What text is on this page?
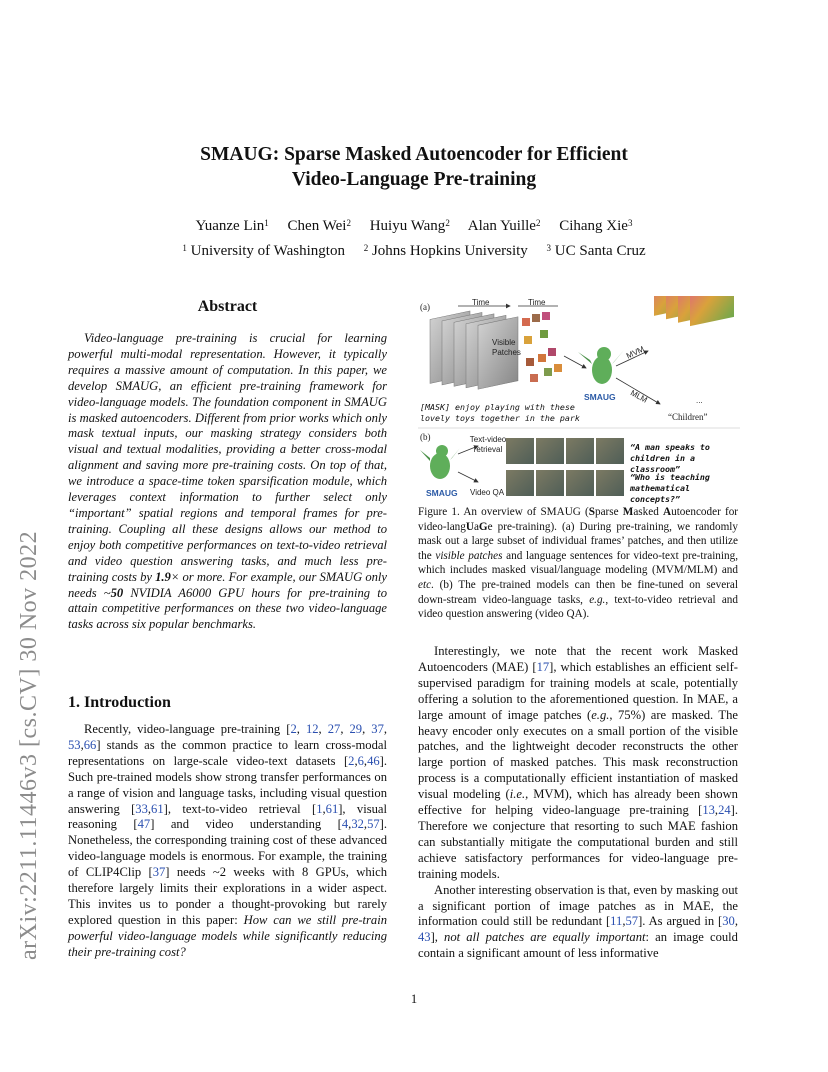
arXiv:2211.11446v3 [cs.CV] 30 Nov 2022
SMAUG: Sparse Masked Autoencoder for Efficient
Video-Language Pre-training
Yuanze Lin$^1$ Chen Wei$^2$ Huiyu Wang$^2$ Alan Yuille$^2$ Cihang Xie$^3$
$^1$ University of Washington $^2$ Johns Hopkins University $^3$ UC Santa Cruz
Abstract
Video-language pre-training is crucial for learning powerful multi-modal representation. However, it typically requires a massive amount of computation. In this paper, we develop SMAUG, an efficient pre-training framework for video-language models. The foundation component in SMAUG is masked autoencoders. Different from prior works which only mask textual inputs, our masking strategy considers both visual and textual modalities, providing a better cross-modal alignment and saving more pre-training costs. On top of that, we introduce a space-time token sparsification module, which leverages context information to further select only “important” spatial regions and temporal frames for pre-training. Coupling all these designs allows our method to enjoy both competitive performances on text-to-video retrieval and video question answering tasks, and much less pre-training costs by 1.9× or more. For example, our SMAUG only needs ~50 NVIDIA A6000 GPU hours for pre-training to attain competitive performances on these two video-language tasks across six popular benchmarks.
1. Introduction

Recently, video-language pre-training [2, 12, 27, 29, 37, 53,66] stands as the common practice to learn cross-modal representations on large-scale video-text datasets [2,6,46]. Such pre-trained models show strong transfer performances on a range of vision and language tasks, including visual question answering [33,61], text-to-video retrieval [1,61], visual reasoning [47] and video understanding [4,32,57]. Nonetheless, the corresponding training cost of these advanced video-language models is enormous. For example, the training of CLIP4Clip [37] needs ~2 weeks with 8 GPUs, which therefore largely limits their explorations in a wider aspect. This invites us to ponder a thought-provoking but rarely explored question in this paper: How can we still pre-train powerful video-language models while significantly reducing their pre-training cost?

(a)	Time	Time
Visible Patches
SMAUG
MVM
MLM	...
“Children”
[MASK] enjoy playing with these lovely toys together in the park
(b)	Text-video retrieval
Video QA
SMAUG
“A man speaks to children in a classroom”
“Who is teaching mathematical concepts?”
Figure 1. An overview of SMAUG (Sparse Masked Autoencoder for video-langUaGe pre-training). (a) During pre-training, we randomly mask out a large subset of individual frames’ patches, and then utilize the visible patches and language sentences for video-text pre-training, which includes masked visual/language modeling (MVM/MLM) and etc. (b) The pre-trained models can then be fine-tuned on several down-stream video-language tasks, e.g., text-to-video retrieval and video question answering (video QA).

Interestingly, we note that the recent work Masked Autoencoders (MAE) [17], which establishes an efficient self-supervised paradigm for training models at scale, potentially offering a solution to the aforementioned question. In MAE, a large amount of image patches (e.g., 75%) are masked. The heavy encoder only executes on a small portion of the visible patches, and the lightweight decoder reconstructs the other large portion of masked patches. This mask reconstruction process is a computationally efficient instantiation of masked visual modeling (i.e., MVM), which has already been shown effective for helping video-language pre-training [13,24]. Therefore we conjecture that resorting to such MAE fashion can substantially mitigate the computational burden and still achieve satisfactory performances for video-language pre-training models.

Another interesting observation is that, even by masking out a significant portion of image patches as in MAE, the information could still be redundant [11,57]. As argued in [30, 43], not all patches are equally important: an image could contain a significant amount of less informative

1
